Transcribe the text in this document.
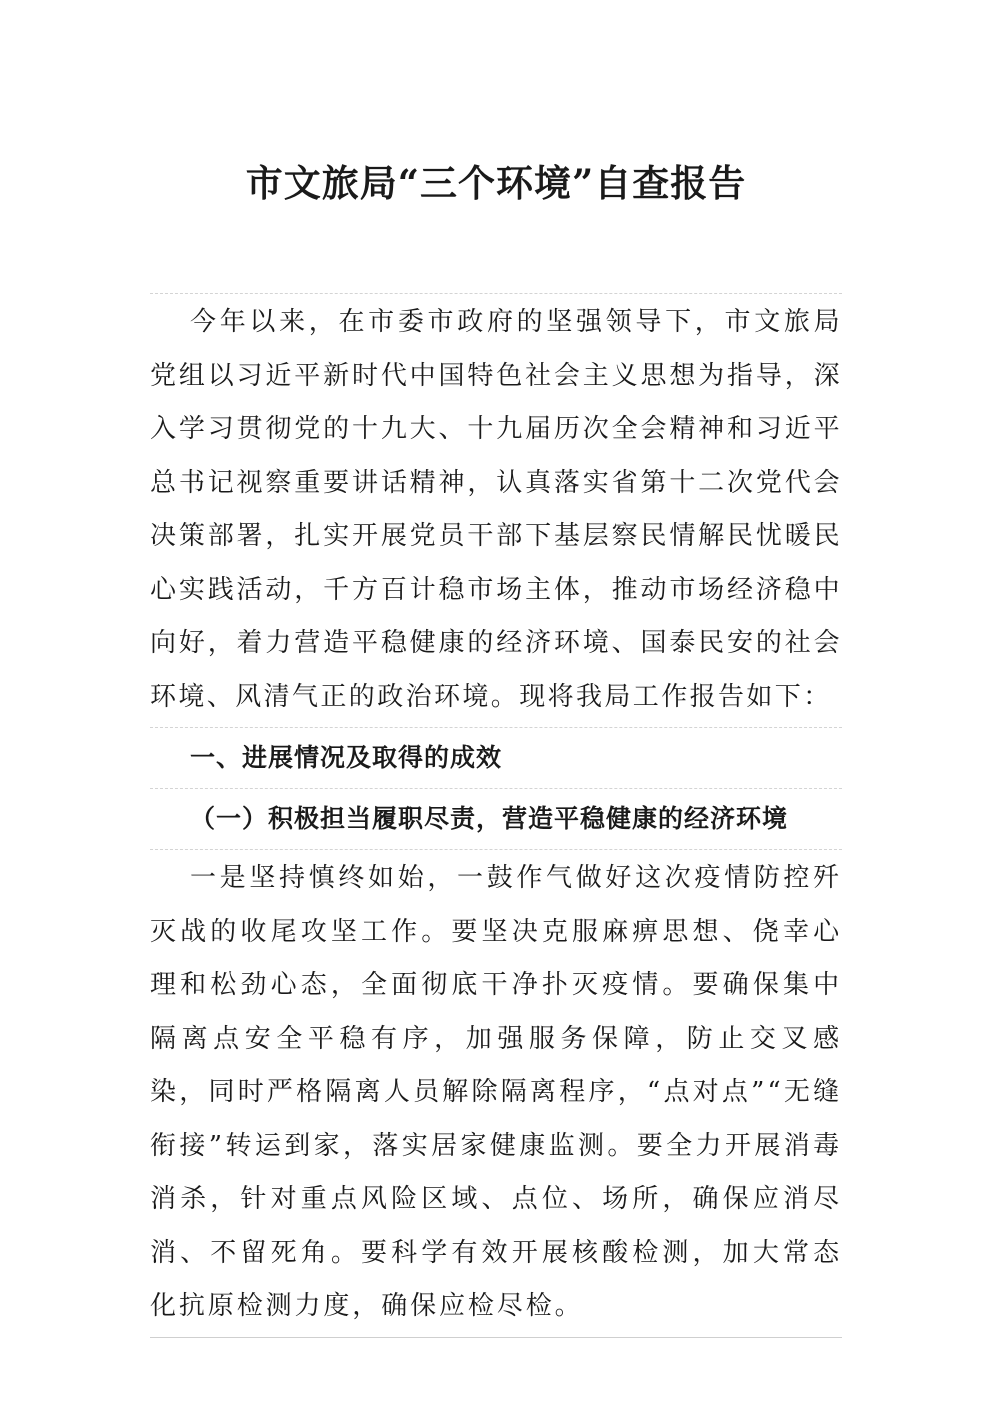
市文旅局“三个环境”自查报告

今年以来，在市委市政府的坚强领导下，市文旅局党组以习近平新时代中国特色社会主义思想为指导，深入学习贯彻党的十九大、十九届历次全会精神和习近平总书记视察重要讲话精神，认真落实省第十二次党代会决策部署，扎实开展党员干部下基层察民情解民忧暖民心实践活动，千方百计稳市场主体，推动市场经济稳中向好，着力营造平稳健康的经济环境、国泰民安的社会环境、风清气正的政治环境。现将我局工作报告如下：

一、进展情况及取得的成效

（一）积极担当履职尽责，营造平稳健康的经济环境

一是坚持慎终如始，一鼓作气做好这次疫情防控歼灭战的收尾攻坚工作。要坚决克服麻痹思想、侥幸心理和松劲心态，全面彻底干净扑灭疫情。要确保集中隔离点安全平稳有序，加强服务保障，防止交叉感染，同时严格隔离人员解除隔离程序，“点对点”“无缝衔接”转运到家，落实居家健康监测。要全力开展消毒消杀，针对重点风险区域、点位、场所，确保应消尽消、不留死角。要科学有效开展核酸检测，加大常态化抗原检测力度，确保应检尽检。
